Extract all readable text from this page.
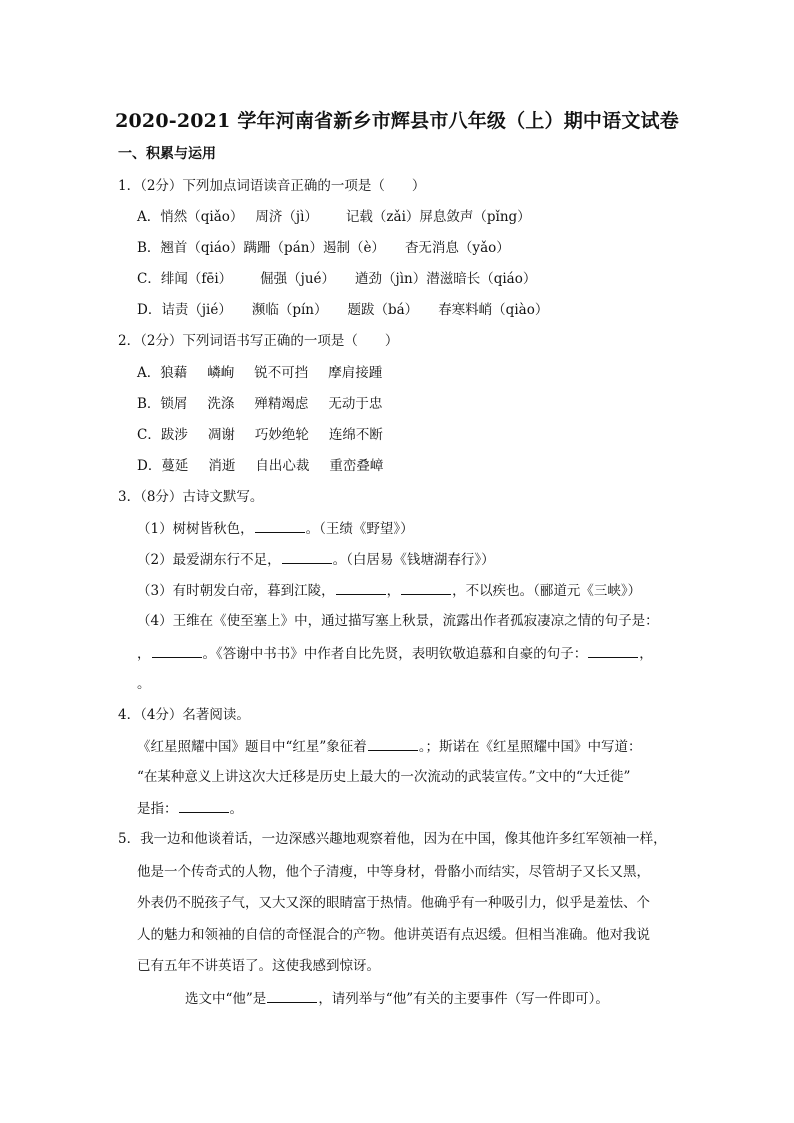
2020-2021 学年河南省新乡市辉县市八年级（上）期中语文试卷
一、积累与运用
1．（2分）下列加点词语读音正确的一项是（　　）
A．悄然（qiǎo） 周济（jì） 记载（zǎi）屏息敛声（pǐng）
B．翘首（qiáo）蹒跚（pán）遏制（è） 杳无消息（yǎo）
C．绯闻（fēi） 倔强（jué） 遒劲（jìn）潜滋暗长（qiáo）
D．诘责（jié） 濒临（pín） 题跋（bá） 春寒料峭（qiào）
2．（2分）下列词语书写正确的一项是（　　）
A．狼藉 嶙峋 锐不可挡 摩肩接踵
B．锁屑 洗涤 殚精竭虑 无动于忠
C．跋涉 凋谢 巧妙绝轮 连绵不断
D．蔓延 消逝 自出心裁 重峦叠嶂
3．（8分）古诗文默写。
（1）树树皆秋色，	。（王绩《野望》）
（2）最爱湖东行不足，	。（白居易《钱塘湖春行》）
（3）有时朝发白帝，暮到江陵，	，	，不以疾也。（郦道元《三峡》）
（4）王维在《使至塞上》中，通过描写塞上秋景，流露出作者孤寂凄凉之情的句子是：
，	。《答谢中书书》中作者自比先贤，表明钦敬追慕和自豪的句子：	，
。
4．（4分）名著阅读。
《红星照耀中国》题目中“红星”象征着	。；斯诺在《红星照耀中国》中写道：
“在某种意义上讲这次大迁移是历史上最大的一次流动的武装宣传。”文中的“大迁徙”
是指：	。
5．我一边和他谈着话，一边深感兴趣地观察着他，因为在中国，像其他许多红军领袖一样，
他是一个传奇式的人物，他个子清瘦，中等身材，骨骼小而结实，尽管胡子又长又黑，
外表仍不脱孩子气，又大又深的眼睛富于热情。他确乎有一种吸引力，似乎是羞怯、个
人的魅力和领袖的自信的奇怪混合的产物。他讲英语有点迟缓。但相当准确。他对我说
已有五年不讲英语了。这使我感到惊讶。
选文中“他”是	，请列举与“他”有关的主要事件（写一件即可）。
